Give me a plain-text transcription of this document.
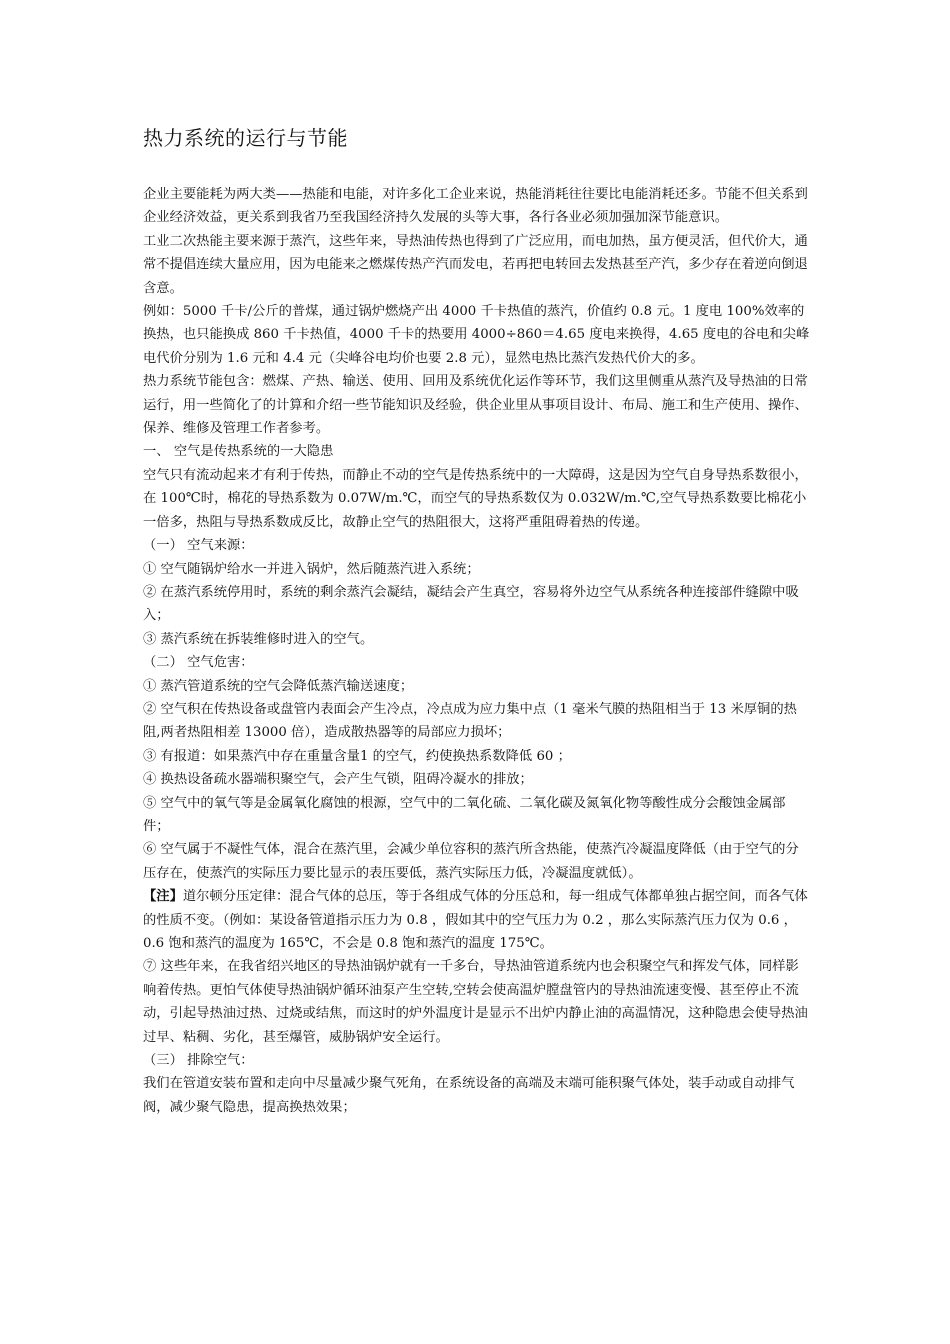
热力系统的运行与节能

企业主要能耗为两大类——热能和电能，对许多化工企业来说，热能消耗往往要比电能消耗还多。节能不但关系到企业经济效益，更关系到我省乃至我国经济持久发展的头等大事，各行各业必须加强加深节能意识。

工业二次热能主要来源于蒸汽，这些年来，导热油传热也得到了广泛应用，而电加热，虽方便灵活，但代价大，通常不提倡连续大量应用，因为电能来之燃煤传热产汽而发电，若再把电转回去发热甚至产汽，多少存在着逆向倒退含意。

例如：5000 千卡/公斤的普煤，通过锅炉燃烧产出 4000 千卡热值的蒸汽，价值约 0.8 元。1 度电 100%效率的换热，也只能换成 860 千卡热值，4000 千卡的热要用 4000÷860＝4.65 度电来换得，4.65 度电的谷电和尖峰电代价分别为 1.6 元和 4.4 元（尖峰谷电均价也要 2.8 元），显然电热比蒸汽发热代价大的多。

热力系统节能包含：燃煤、产热、输送、使用、回用及系统优化运作等环节，我们这里侧重从蒸汽及导热油的日常运行，用一些简化了的计算和介绍一些节能知识及经验，供企业里从事项目设计、布局、施工和生产使用、操作、保养、维修及管理工作者参考。

一、 空气是传热系统的一大隐患

空气只有流动起来才有利于传热，而静止不动的空气是传热系统中的一大障碍，这是因为空气自身导热系数很小，在 100℃时，棉花的导热系数为 0.07W/m.℃，而空气的导热系数仅为 0.032W/m.℃,空气导热系数要比棉花小一倍多，热阻与导热系数成反比，故静止空气的热阻很大，这将严重阻碍着热的传递。

（一） 空气来源：

① 空气随锅炉给水一并进入锅炉，然后随蒸汽进入系统；

② 在蒸汽系统停用时，系统的剩余蒸汽会凝结，凝结会产生真空，容易将外边空气从系统各种连接部件缝隙中吸入；

③ 蒸汽系统在拆装维修时进入的空气。

（二） 空气危害：

① 蒸汽管道系统的空气会降低蒸汽输送速度；

② 空气积在传热设备或盘管内表面会产生冷点，冷点成为应力集中点（1 毫米气膜的热阻相当于 13 米厚铜的热阻,两者热阻相差 13000 倍），造成散热器等的局部应力损坏；

③ 有报道：如果蒸汽中存在重量含量1 的空气，约使换热系数降低 60 ；

④ 换热设备疏水器端积聚空气，会产生气锁，阻碍冷凝水的排放；

⑤ 空气中的氧气等是金属氧化腐蚀的根源，空气中的二氧化硫、二氧化碳及氮氧化物等酸性成分会酸蚀金属部件；

⑥ 空气属于不凝性气体，混合在蒸汽里，会减少单位容积的蒸汽所含热能，使蒸汽冷凝温度降低（由于空气的分压存在，使蒸汽的实际压力要比显示的表压要低，蒸汽实际压力低，冷凝温度就低）。

【注】道尔顿分压定律：混合气体的总压，等于各组成气体的分压总和，每一组成气体都单独占据空间，而各气体的性质不变。（例如：某设备管道指示压力为 0.8 ，假如其中的空气压力为 0.2 ，那么实际蒸汽压力仅为 0.6 ，0.6 饱和蒸汽的温度为 165℃，不会是 0.8 饱和蒸汽的温度 175℃。

⑦ 这些年来，在我省绍兴地区的导热油锅炉就有一千多台，导热油管道系统内也会积聚空气和挥发气体，同样影响着传热。更怕气体使导热油锅炉循环油泵产生空转,空转会使高温炉膛盘管内的导热油流速变慢、甚至停止不流动，引起导热油过热、过烧或结焦，而这时的炉外温度计是显示不出炉内静止油的高温情况，这种隐患会使导热油过早、粘稠、劣化，甚至爆管，威胁锅炉安全运行。

（三） 排除空气：

我们在管道安装布置和走向中尽量减少聚气死角，在系统设备的高端及末端可能积聚气体处，装手动或自动排气阀，减少聚气隐患，提高换热效果；
